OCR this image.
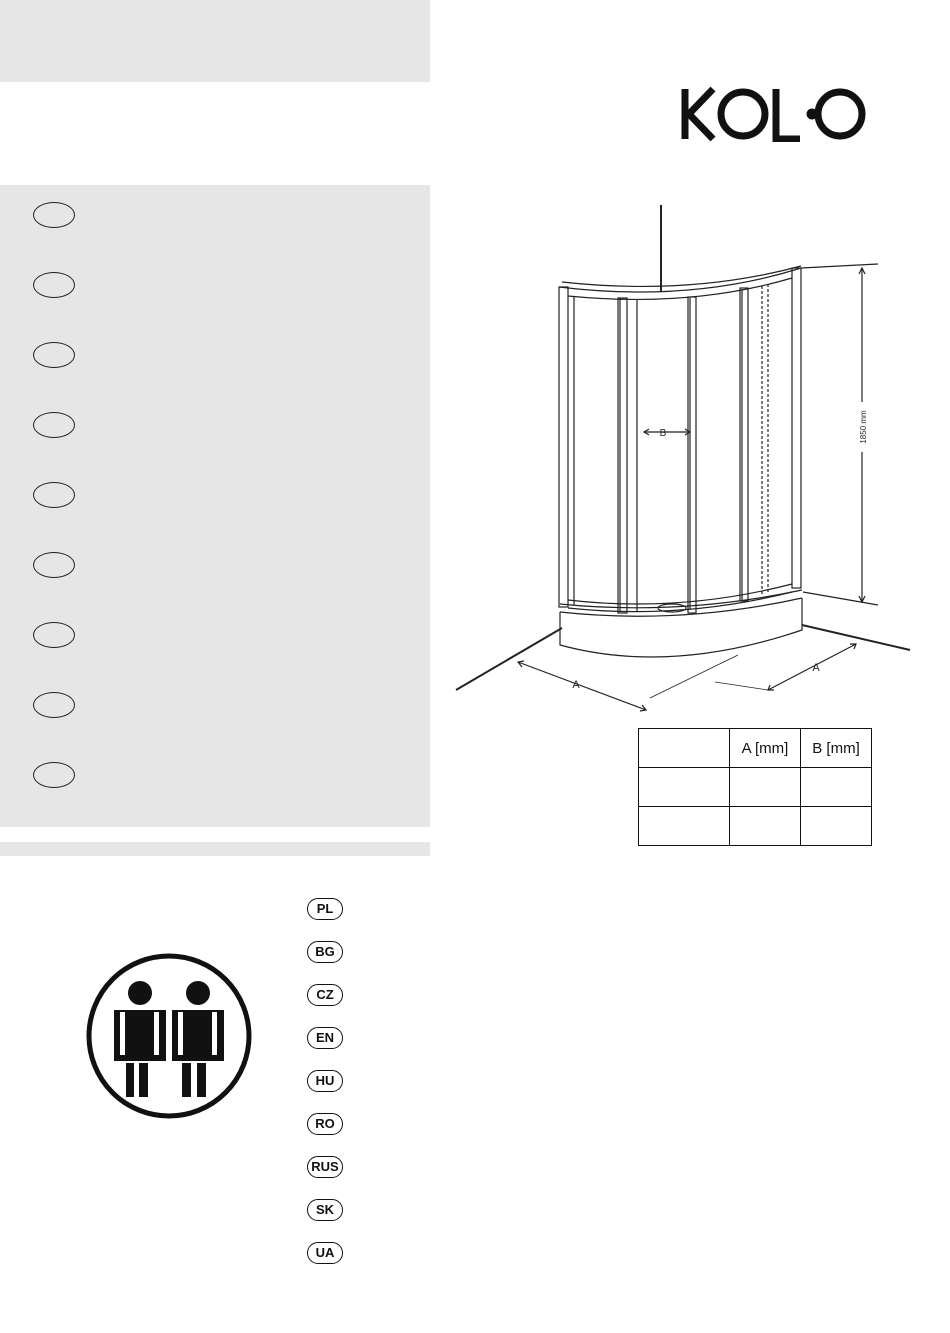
B
A
A
1850 mm
	A [mm]	B [mm]

PL
BG
CZ
EN
HU
RO
RUS
SK
UA
